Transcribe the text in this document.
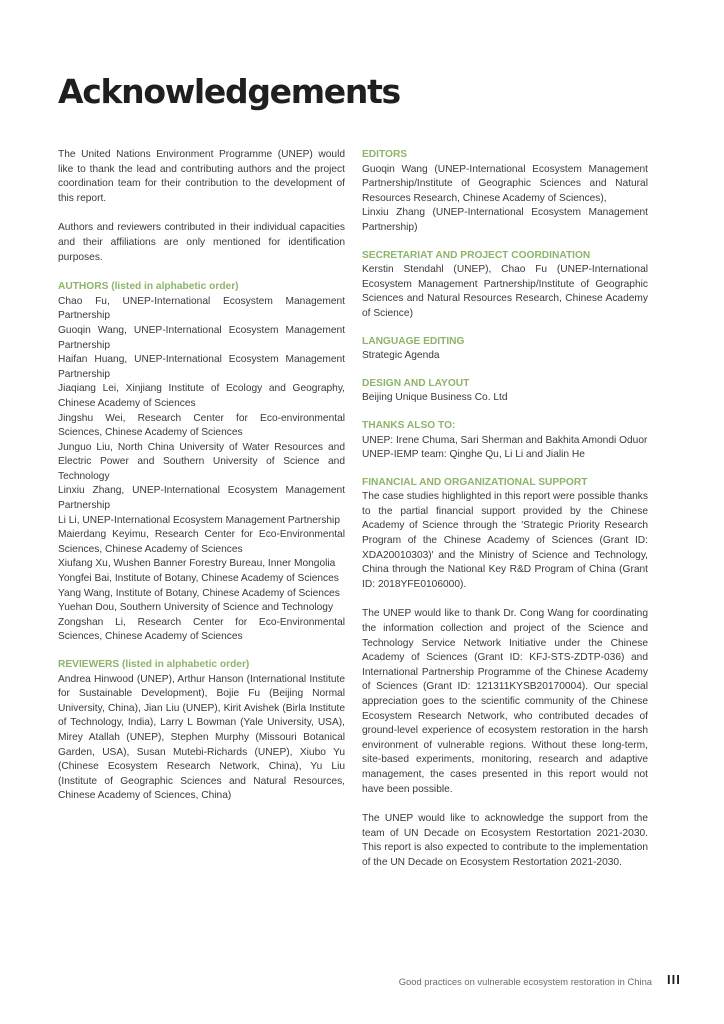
Acknowledgements

The United Nations Environment Programme (UNEP) would like to thank the lead and contributing authors and the project coordination team for their contribution to the development of this report.

Authors and reviewers contributed in their individual capacities and their affiliations are only mentioned for identification purposes.

AUTHORS (listed in alphabetic order)
Chao Fu, UNEP-International Ecosystem Management Partnership
Guoqin Wang, UNEP-International Ecosystem Management Partnership
Haifan Huang, UNEP-International Ecosystem Management Partnership
Jiaqiang Lei, Xinjiang Institute of Ecology and Geography, Chinese Academy of Sciences
Jingshu Wei, Research Center for Eco-environmental Sciences, Chinese Academy of Sciences
Junguo Liu, North China University of Water Resources and Electric Power and Southern University of Science and Technology
Linxiu Zhang, UNEP-International Ecosystem Management Partnership
Li Li, UNEP-International Ecosystem Management Partnership
Maierdang Keyimu, Research Center for Eco-Environmental Sciences, Chinese Academy of Sciences
Xiufang Xu, Wushen Banner Forestry Bureau, Inner Mongolia
Yongfei Bai, Institute of Botany, Chinese Academy of Sciences
Yang Wang, Institute of Botany, Chinese Academy of Sciences
Yuehan Dou, Southern University of Science and Technology
Zongshan Li, Research Center for Eco-Environmental Sciences, Chinese Academy of Sciences
REVIEWERS (listed in alphabetic order)
Andrea Hinwood (UNEP), Arthur Hanson (International Institute for Sustainable Development), Bojie Fu (Beijing Normal University, China), Jian Liu (UNEP), Kirit Avishek (Birla Institute of Technology, India), Larry L Bowman (Yale University, USA), Mirey Atallah (UNEP), Stephen Murphy (Missouri Botanical Garden, USA), Susan Mutebi-Richards (UNEP), Xiubo Yu (Chinese Ecosystem Research Network, China), Yu Liu (Institute of Geographic Sciences and Natural Resources, Chinese Academy of Sciences, China)
EDITORS
Guoqin Wang (UNEP-International Ecosystem Management Partnership/Institute of Geographic Sciences and Natural Resources Research, Chinese Academy of Sciences),
Linxiu Zhang (UNEP-International Ecosystem Management Partnership)
SECRETARIAT AND PROJECT COORDINATION
Kerstin Stendahl (UNEP), Chao Fu (UNEP-International Ecosystem Management Partnership/Institute of Geographic Sciences and Natural Resources Research, Chinese Academy of Science)
LANGUAGE EDITING
Strategic Agenda
DESIGN AND LAYOUT
Beijing Unique Business Co. Ltd
THANKS ALSO TO:
UNEP: Irene Chuma, Sari Sherman and Bakhita Amondi Oduor
UNEP-IEMP team: Qinghe Qu, Li Li and Jialin He
FINANCIAL AND ORGANIZATIONAL SUPPORT

The case studies highlighted in this report were possible thanks to the partial financial support provided by the Chinese Academy of Science through the 'Strategic Priority Research Program of the Chinese Academy of Sciences (Grant ID: XDA20010303)' and the Ministry of Science and Technology, China through the National Key R&D Program of China (Grant ID: 2018YFE0106000).

The UNEP would like to thank Dr. Cong Wang for coordinating the information collection and project of the Science and Technology Service Network Initiative under the Chinese Academy of Sciences (Grant ID: KFJ-STS-ZDTP-036) and International Partnership Programme of the Chinese Academy of Sciences (Grant ID: 121311KYSB20170004). Our special appreciation goes to the scientific community of the Chinese Ecosystem Research Network, who contributed decades of ground-level experience of ecosystem restoration in the harsh environment of vulnerable regions. Without these long-term, site-based experiments, monitoring, research and adaptive management, the cases presented in this report would not have been possible.

The UNEP would like to acknowledge the support from the team of UN Decade on Ecosystem Restortation 2021-2030. This report is also expected to contribute to the implementation of the UN Decade on Ecosystem Restortation 2021-2030.

Good practices on vulnerable ecosystem restoration in China III
